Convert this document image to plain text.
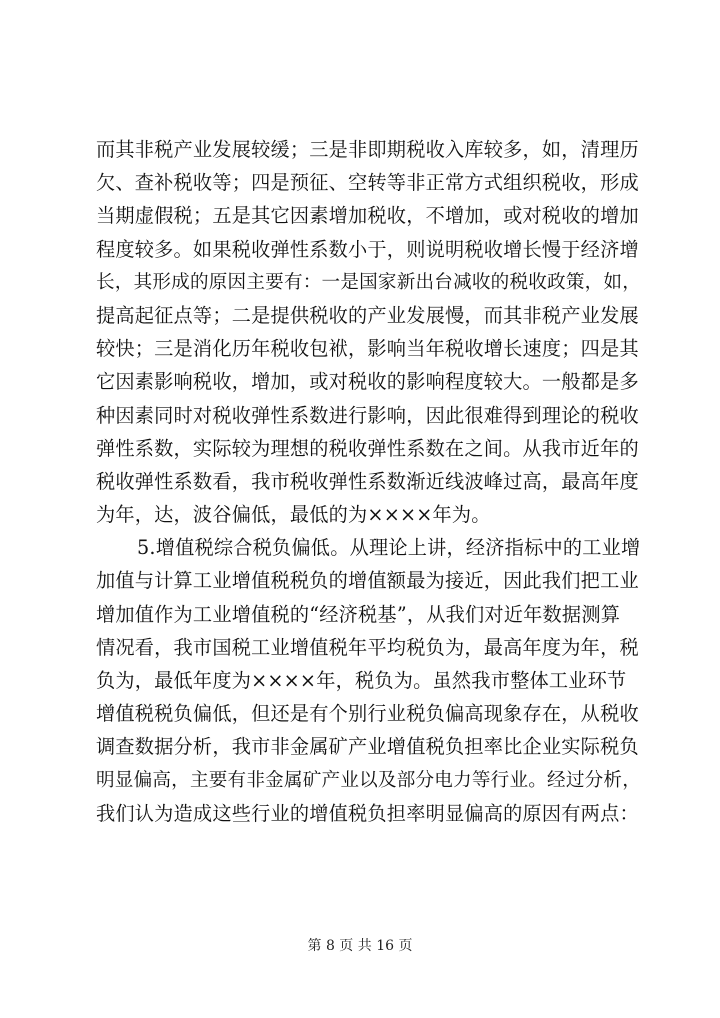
而其非税产业发展较缓；三是非即期税收入库较多，如，清理历
欠、查补税收等；四是预征、空转等非正常方式组织税收，形成
当期虚假税；五是其它因素增加税收，不增加，或对税收的增加
程度较多。如果税收弹性系数小于，则说明税收增长慢于经济增
长，其形成的原因主要有：一是国家新出台减收的税收政策，如，
提高起征点等；二是提供税收的产业发展慢，而其非税产业发展
较快；三是消化历年税收包袱，影响当年税收增长速度；四是其
它因素影响税收，增加，或对税收的影响程度较大。一般都是多
种因素同时对税收弹性系数进行影响，因此很难得到理论的税收
弹性系数，实际较为理想的税收弹性系数在之间。从我市近年的
税收弹性系数看，我市税收弹性系数渐近线波峰过高，最高年度
为年，达，波谷偏低，最低的为××××年为。
5.增值税综合税负偏低。从理论上讲，经济指标中的工业增
加值与计算工业增值税税负的增值额最为接近，因此我们把工业
增加值作为工业增值税的“经济税基”，从我们对近年数据测算
情况看，我市国税工业增值税年平均税负为，最高年度为年，税
负为，最低年度为××××年，税负为。虽然我市整体工业环节
增值税税负偏低，但还是有个别行业税负偏高现象存在，从税收
调查数据分析，我市非金属矿产业增值税负担率比企业实际税负
明显偏高，主要有非金属矿产业以及部分电力等行业。经过分析，
我们认为造成这些行业的增值税负担率明显偏高的原因有两点：
第 8 页 共 16 页
